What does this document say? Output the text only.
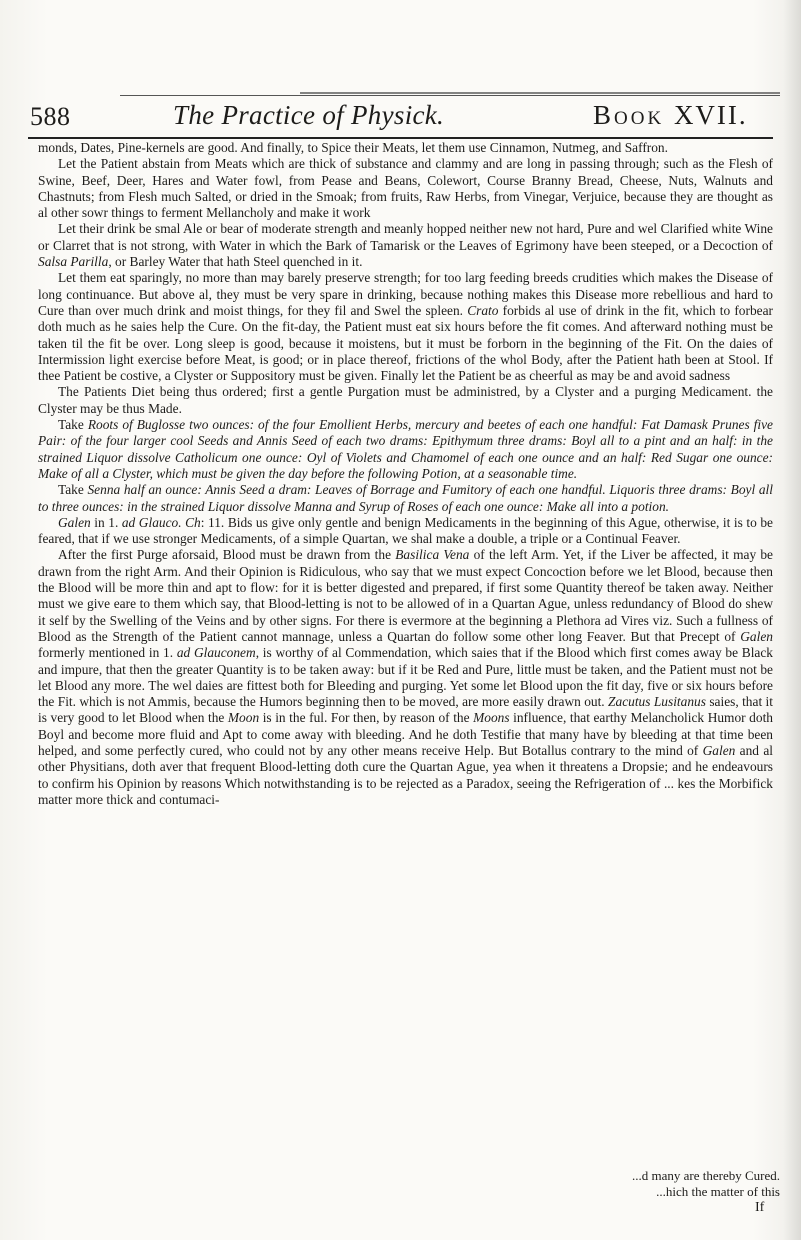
588	The Practice of Physick.	Book XVII.

monds, Dates, Pine-kernels are good. And finally, to Spice their Meats, let them use Cinnamon, Nutmeg, and Saffron.

Let the Patient abstain from Meats which are thick of substance and clammy and are long in passing through; such as the Flesh of Swine, Beef, Deer, Hares and Water fowl, from Pease and Beans, Colewort, Course Branny Bread, Cheese, Nuts, Walnuts and Chastnuts; from Flesh much Salted, or dried in the Smoak; from fruits, Raw Herbs, from Vinegar, Verjuice, because they are thought as al other sowr things to ferment Mellancholy and make it work

Let their drink be smal Ale or bear of moderate strength and meanly hopped neither new not hard, Pure and wel Clarified white Wine or Clarret that is not strong, with Water in which the Bark of Tamarisk or the Leaves of Egrimony have been steeped, or a Decoction of Salsa Parilla, or Barley Water that hath Steel quenched in it.

Let them eat sparingly, no more than may barely preserve strength; for too larg feeding breeds crudities which makes the Disease of long continuance. But above al, they must be very spare in drinking, because nothing makes this Disease more rebellious and hard to Cure than over much drink and moist things, for they fil and Swel the spleen. Crato forbids al use of drink in the fit, which to forbear doth much as he saies help the Cure. On the fit-day, the Patient must eat six hours before the fit comes. And afterward nothing must be taken til the fit be over. Long sleep is good, because it moistens, but it must be forborn in the beginning of the Fit. On the daies of Intermission light exercise before Meat, is good; or in place thereof, frictions of the whol Body, after the Patient hath been at Stool. If thee Patient be costive, a Clyster or Suppository must be given. Finally let the Patient be as cheerful as may be and avoid sadness

The Patients Diet being thus ordered; first a gentle Purgation must be administred, by a Clyster and a purging Medicament. the Clyster may be thus Made.

Take Roots of Buglosse two ounces: of the four Emollient Herbs, mercury and beetes of each one handful: Fat Damask Prunes five Pair: of the four larger cool Seeds and Annis Seed of each two drams: Epithymum three drams: Boyl all to a pint and an half: in the strained Liquor dissolve Catholicum one ounce: Oyl of Violets and Chamomel of each one ounce and an half: Red Sugar one ounce: Make of all a Clyster, which must be given the day before the following Potion, at a seasonable time.

Take Senna half an ounce: Annis Seed a dram: Leaves of Borrage and Fumitory of each one handful. Liquoris three drams: Boyl all to three ounces: in the strained Liquor dissolve Manna and Syrup of Roses of each one ounce: Make all into a potion.

Galen in 1. ad Glauco. Ch: 11. Bids us give only gentle and benign Medicaments in the beginning of this Ague, otherwise, it is to be feared, that if we use stronger Medicaments, of a simple Quartan, we shal make a double, a triple or a Continual Feaver.

After the first Purge aforsaid, Blood must be drawn from the Basilica Vena of the left Arm. Yet, if the Liver be affected, it may be drawn from the right Arm. And their Opinion is Ridiculous, who say that we must expect Concoction before we let Blood, because then the Blood will be more thin and apt to flow: for it is better digested and prepared, if first some Quantity thereof be taken away. Neither must we give eare to them which say, that Blood-letting is not to be allowed of in a Quartan Ague, unless redundancy of Blood do shew it self by the Swelling of the Veins and by other signs. For there is evermore at the beginning a Plethora ad Vires viz. Such a fullness of Blood as the Strength of the Patient cannot mannage, unless a Quartan do follow some other long Feaver. But that Precept of Galen formerly mentioned in 1. ad Glauconem, is worthy of al Commendation, which saies that if the Blood which first comes away be Black and impure, that then the greater Quantity is to be taken away: but if it be Red and Pure, little must be taken, and the Patient must not be let Blood any more. The wel daies are fittest both for Bleeding and purging. Yet some let Blood upon the fit day, five or six hours before the Fit. which is not Ammis, because the Humors beginning then to be moved, are more easily drawn out. Zacutus Lusitanus saies, that it is very good to let Blood when the Moon is in the ful. For then, by reason of the Moons influence, that earthy Melancholick Humor doth Boyl and become more fluid and Apt to come away with bleeding. And he doth Testifie that many have by bleeding at that time been helped, and some perfectly cured, who could not by any other means receive Help. But Botallus contrary to the mind of Galen and al other Physitians, doth aver that frequent Blood-letting doth cure the Quartan Ague, yea when it threatens a Dropsie; and he endeavours to confirm his Opinion by reasons Which notwithstanding is to be rejected as a Paradox, seeing the Refrigeration of ... kes the Morbifick matter more thick and contumaci-

...d many are thereby Cured.
...hich the matter of this
If
